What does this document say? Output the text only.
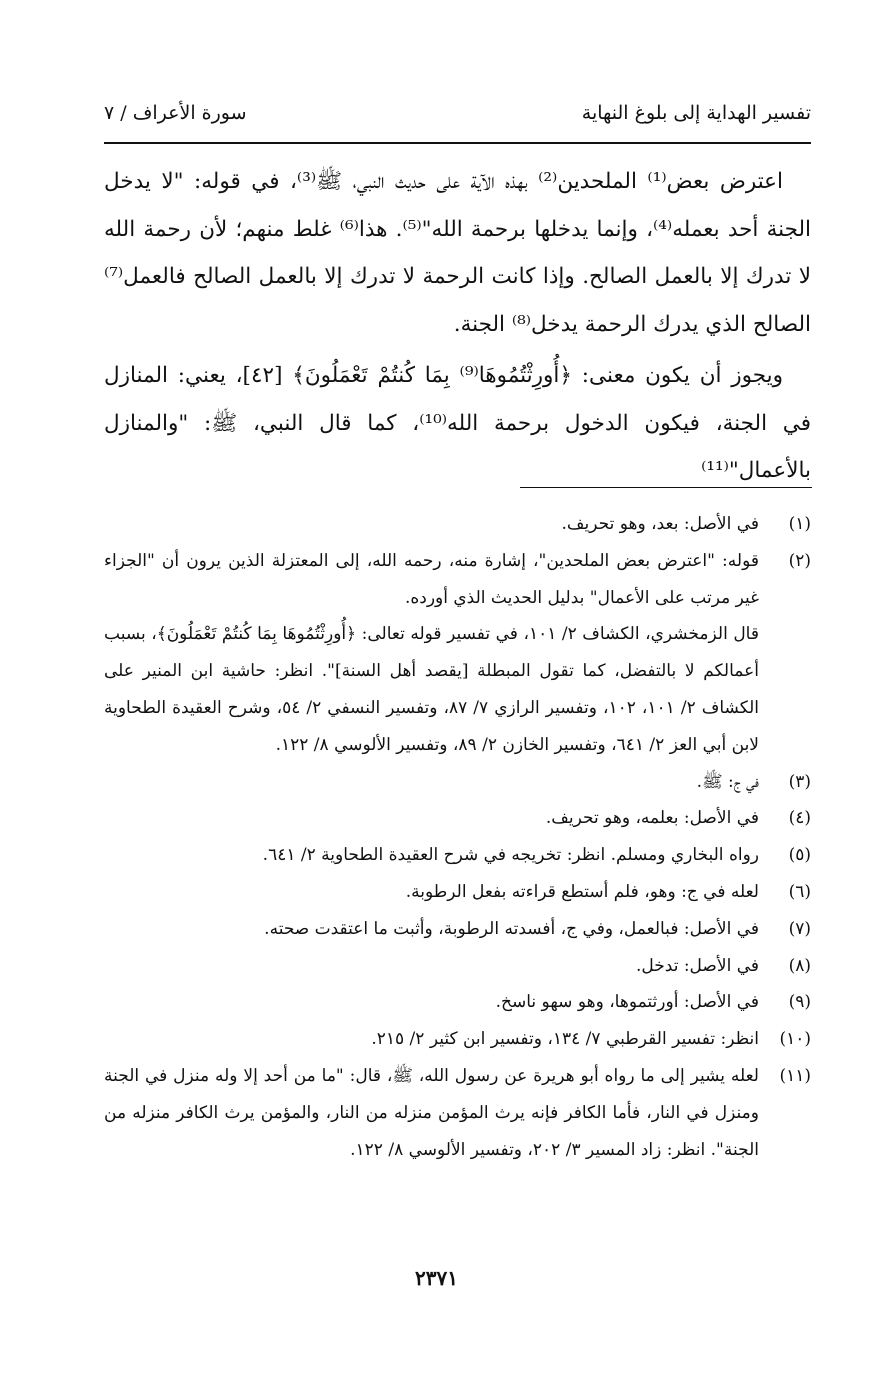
تفسير الهداية إلى بلوغ النهاية
سورة الأعراف / ٧

اعترض بعض⁽¹⁾ الملحدين⁽²⁾ بهذه الآية على حديث النبي، ﷺ⁽³⁾، في قوله: "لا يدخل الجنة أحد بعمله⁽⁴⁾، وإنما يدخلها برحمة الله"⁽⁵⁾. هذا⁽⁶⁾ غلط منهم؛ لأن رحمة الله لا تدرك إلا بالعمل الصالح. وإذا كانت الرحمة لا تدرك إلا بالعمل الصالح فالعمل⁽⁷⁾ الصالح الذي يدرك الرحمة يدخل⁽⁸⁾ الجنة.

ويجوز أن يكون معنى: ﴿أُورِثْتُمُوهَا⁽⁹⁾ بِمَا كُنتُمْ تَعْمَلُونَ﴾ [٤٢]، يعني: المنازل في الجنة، فيكون الدخول برحمة الله⁽¹⁰⁾، كما قال النبي، ﷺ: "والمنازل بالأعمال"⁽¹¹⁾

(١)
في الأصل: بعد، وهو تحريف.
(٢)
قوله: "اعترض بعض الملحدين"، إشارة منه، رحمه الله، إلى المعتزلة الذين يرون أن "الجزاء غير مرتب على الأعمال" بدليل الحديث الذي أورده.
قال الزمخشري، الكشاف ٢/ ١٠١، في تفسير قوله تعالى: ﴿أُورِثْتُمُوهَا بِمَا كُنتُمْ تَعْمَلُونَ﴾، بسبب أعمالكم لا بالتفضل، كما تقول المبطلة [يقصد أهل السنة]". انظر: حاشية ابن المنير على الكشاف ٢/ ١٠١، ١٠٢، وتفسير الرازي ٧/ ٨٧، وتفسير النسفي ٢/ ٥٤، وشرح العقيدة الطحاوية لابن أبي العز ٢/ ٦٤١، وتفسير الخازن ٢/ ٨٩، وتفسير الألوسي ٨/ ١٢٢.
(٣)
في ج: ﷺ.
(٤)
في الأصل: بعلمه، وهو تحريف.
(٥)
رواه البخاري ومسلم. انظر: تخريجه في شرح العقيدة الطحاوية ٢/ ٦٤١.
(٦)
لعله في ج: وهو، فلم أستطع قراءته بفعل الرطوبة.
(٧)
في الأصل: فبالعمل، وفي ج، أفسدته الرطوبة، وأثبت ما اعتقدت صحته.
(٨)
في الأصل: تدخل.
(٩)
في الأصل: أورثتموها، وهو سهو ناسخ.
(١٠)
انظر: تفسير القرطبي ٧/ ١٣٤، وتفسير ابن كثير ٢/ ٢١٥.
(١١)
لعله يشير إلى ما رواه أبو هريرة عن رسول الله، ﷺ، قال: "ما من أحد إلا وله منزل في الجنة ومنزل في النار، فأما الكافر فإنه يرث المؤمن منزله من النار، والمؤمن يرث الكافر منزله من الجنة". انظر: زاد المسير ٣/ ٢٠٢، وتفسير الألوسي ٨/ ١٢٢.
٢٣٧١
